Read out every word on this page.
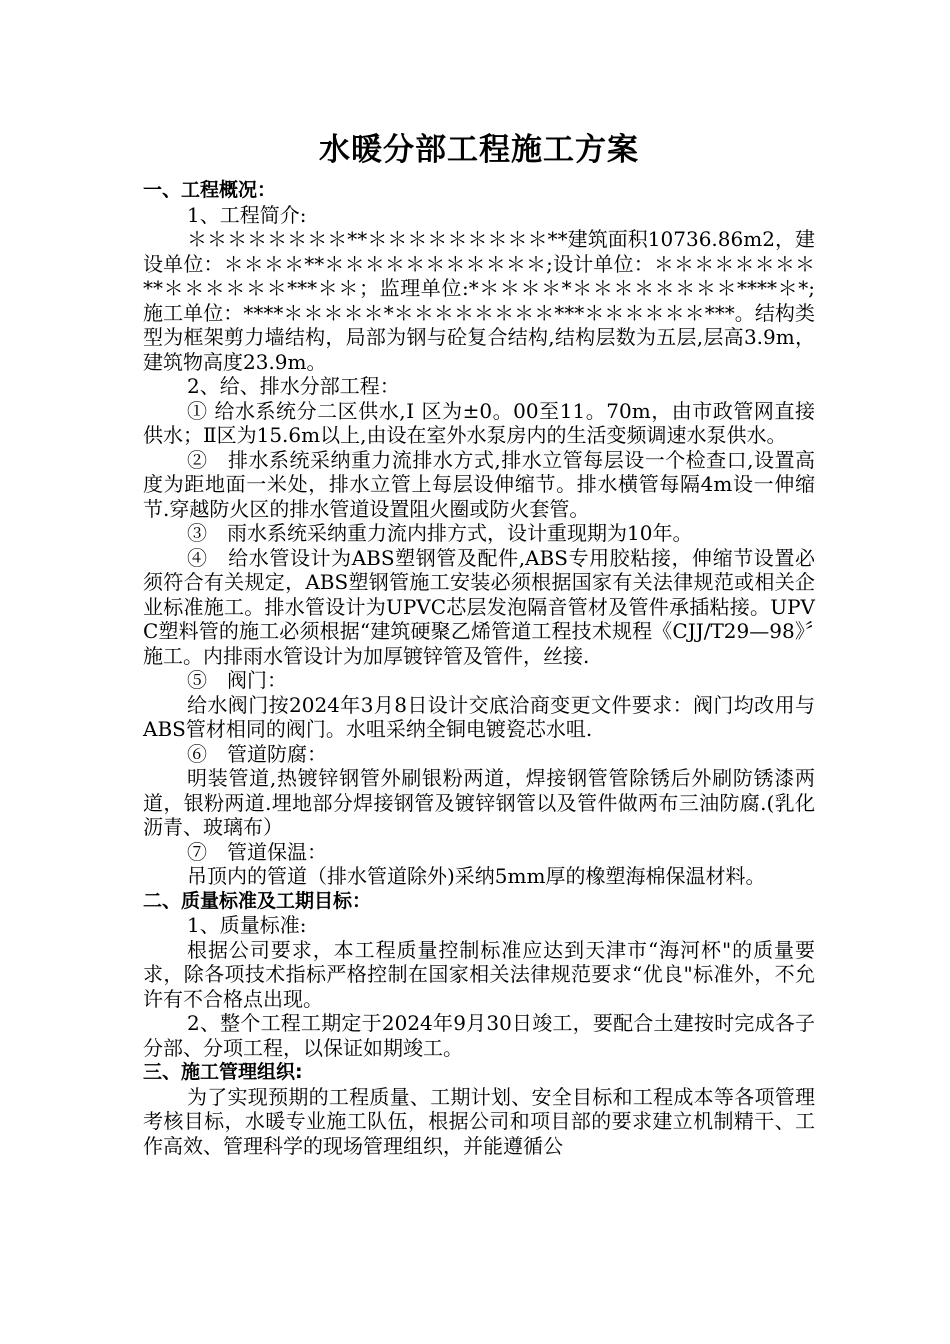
水暖分部工程施工方案
一、工程概况：
1、工程简介:
＊＊＊＊＊＊＊＊**＊＊＊＊＊＊＊＊＊**建筑面积10736.86m2，建设单位：＊＊＊＊**＊＊＊＊＊＊＊＊＊＊＊;设计单位：＊＊＊＊＊＊＊＊**＊＊＊＊＊＊***＊＊；监理单位:*＊＊＊＊*＊＊＊＊＊＊＊＊****＊*;施工单位：****＊＊＊＊＊*＊＊＊＊＊＊＊＊***＊＊＊＊＊＊***。结构类型为框架剪力墙结构，局部为钢与砼复合结构,结构层数为五层,层高3.9m，建筑物高度23.9m。
2、给、排水分部工程：
① 给水系统分二区供水,Ⅰ 区为±0。00至11。70m，由市政管网直接供水；Ⅱ区为15.6m以上,由设在室外水泵房内的生活变频调速水泵供水。
②　排水系统采纳重力流排水方式,排水立管每层设一个检查口,设置高度为距地面一米处，排水立管上每层设伸缩节。排水横管每隔4m设一伸缩节.穿越防火区的排水管道设置阻火圈或防火套管。
③　雨水系统采纳重力流内排方式，设计重现期为10年。
④　给水管设计为ABS塑钢管及配件,ABS专用胶粘接，伸缩节设置必须符合有关规定，ABS塑钢管施工安装必须根据国家有关法律规范或相关企业标准施工。排水管设计为UPVC芯层发泡隔音管材及管件承插粘接。UPVC塑料管的施工必须根据“建筑硬聚乙烯管道工程技术规程《CJJ/T29—98》〞施工。内排雨水管设计为加厚镀锌管及管件，丝接.
⑤　阀门：
给水阀门按2024年3月8日设计交底洽商变更文件要求：阀门均改用与ABS管材相同的阀门。水咀采纳全铜电镀瓷芯水咀.
⑥　管道防腐：
明装管道,热镀锌钢管外刷银粉两道，焊接钢管管除锈后外刷防锈漆两道，银粉两道.埋地部分焊接钢管及镀锌钢管以及管件做两布三油防腐.(乳化沥青、玻璃布）
⑦　管道保温：
吊顶内的管道（排水管道除外)采纳5mm厚的橡塑海棉保温材料。
二、质量标准及工期目标：
1、质量标准:
根据公司要求，本工程质量控制标准应达到天津市“海河杯"的质量要求，除各项技术指标严格控制在国家相关法律规范要求“优良"标准外，不允许有不合格点出现。
2、整个工程工期定于2024年9月30日竣工，要配合土建按时完成各子分部、分项工程，以保证如期竣工。
三、施工管理组织:
为了实现预期的工程质量、工期计划、安全目标和工程成本等各项管理考核目标，水暖专业施工队伍，根据公司和项目部的要求建立机制精干、工作高效、管理科学的现场管理组织，并能遵循公
